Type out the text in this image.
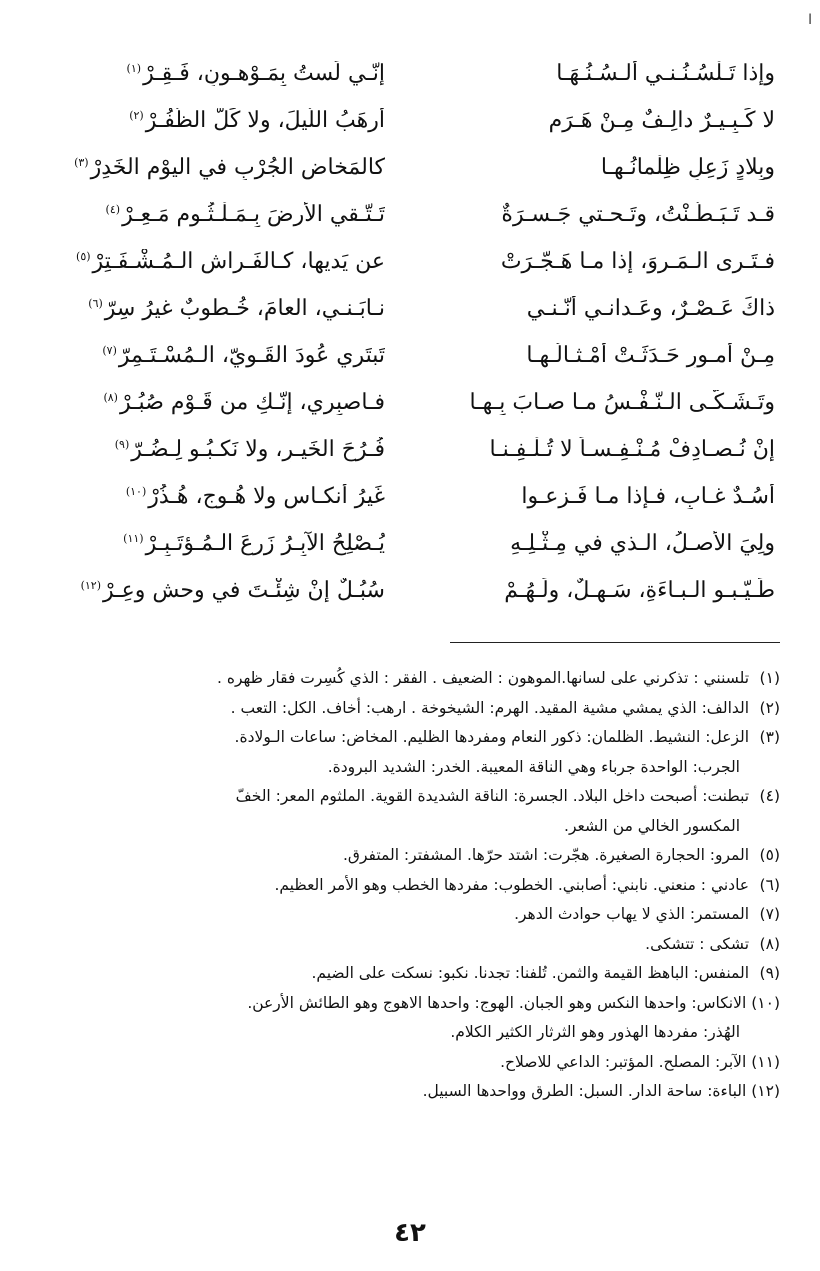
ا
وإذا تَـلْسُـنُـنـي ألـسُـنُـهَـا
إنّـي لَستُ بِمَـوْهـونٍ، فَـقِـرْ$^{(١)}$
لا كَـبِـيـرٌ دالِـفٌ مِـنْ هَـرَمٍ
أرهَبُ اللّيلَ، ولا كَلُّ الظُّفُـرْ$^{(٢)}$
وبِلادٍ زَعِلٍ ظِلْمانُـهـا
كالمَخاضِ الجُرْبِ في اليوْمِ الخَدِرْ$^{(٣)}$
قـد تَـبَـطّـنْتُ، وتَـحـتي جَـسـرَةٌ
تَـتّـقي الأرضَ بِـمَـلْـثُـومٍ مَـعِـرْ$^{(٤)}$
فـتَـرى الـمَـروَ، إذا مـا هَـجّـرَتْ
عن يَديها، كـالفَـراشِ الـمُـشْـفَـتِرْ$^{(٥)}$
ذاكَ عَـصْـرٌ، وعَـدانـي أنّـنـي
نـابَـنـي، العامَ، خُـطوبٌ غيرُ سِرّ$^{(٦)}$
مِـنْ أُمـورٍ حَـدَثَـتْ أمْـثـالُـهـا
تَبتَري عُودَ القَـويّ، الـمُسْـتَـمِرّ$^{(٧)}$
وتَـشَـكّـى الـنّـفْـسُ مـا صـابَ بِـهـا
فـاصبِري، إنّـكِ من قَـوْمٍ صُبُـرْ$^{(٨)}$
إنْ نُـصـادِفْ مُـنْـفِـسـاً لا تُـلْـفِـنـا
فُـرُحَ الخَيـرِ، ولا نَكـبُـو لِـضُـرّ$^{(٩)}$
أُسُـدٌ غـابٍ، فـإذا مـا فَـزِعـوا
غَيرُ أنكـاسٍ ولا هُـوجٍ، هُـذُرْ$^{(١٠)}$
ولِيَ الأصـلُ، الـذي في مِـثْـلِـهِ
يُـصْلِحُ الآبِـرُ زَرعَ الـمُـؤتَـبِـرْ$^{(١١)}$
طَـيّـبـو الـبـاءَةِ، سَـهـلٌ، ولَـهُـمْ
سُبُـلٌ إنْ شِئْـتَ في وحشٍ وعِـرْ$^{(١٢)}$
(١) تلسنني : تذكرني على لسانها.الموهون : الضعيف . الفقر : الذي كُسِرت فقار ظهره .
(٢) الدالف: الذي يمشي مشية المقيد. الهرم: الشيخوخة . ارهب: أخاف. الكل: التعب .
(٣) الزعل: النشيط. الظلمان: ذكور النعام ومفردها الظليم. المخاض: ساعات الـولادة.
الجرب: الواحدة جرباء وهي الناقة المعيبة. الخدر: الشديد البرودة.
(٤) تبطنت: أصبحت داخل البلاد. الجسرة: الناقة الشديدة القوية. الملثوم المعر: الخفّ
المكسور الخالي من الشعر.
(٥) المرو: الحجارة الصغيرة. هجّرت: اشتد حرّها. المشفتر: المتفرق.
(٦) عادني : منعني. نابني: أصابني. الخطوب: مفردها الخطب وهو الأمر العظيم.
(٧) المستمر: الذي لا يهاب حوادث الدهر.
(٨) تشكى : تتشكى.
(٩) المنفس: الباهظ القيمة والثمن. تُلفنا: تجدنا. نكبو: نسكت على الضيم.
(١٠) الانكاس: واحدها النكس وهو الجبان. الهوج: واحدها الاهوج وهو الطائش الأرعن.
الهُذر: مفردها الهذور وهو الثرثار الكثير الكلام.
(١١) الآبر: المصلح. المؤتبر: الداعي للاصلاح.
(١٢) الباءة: ساحة الدار. السبل: الطرق وواحدها السبيل.
٤٢
